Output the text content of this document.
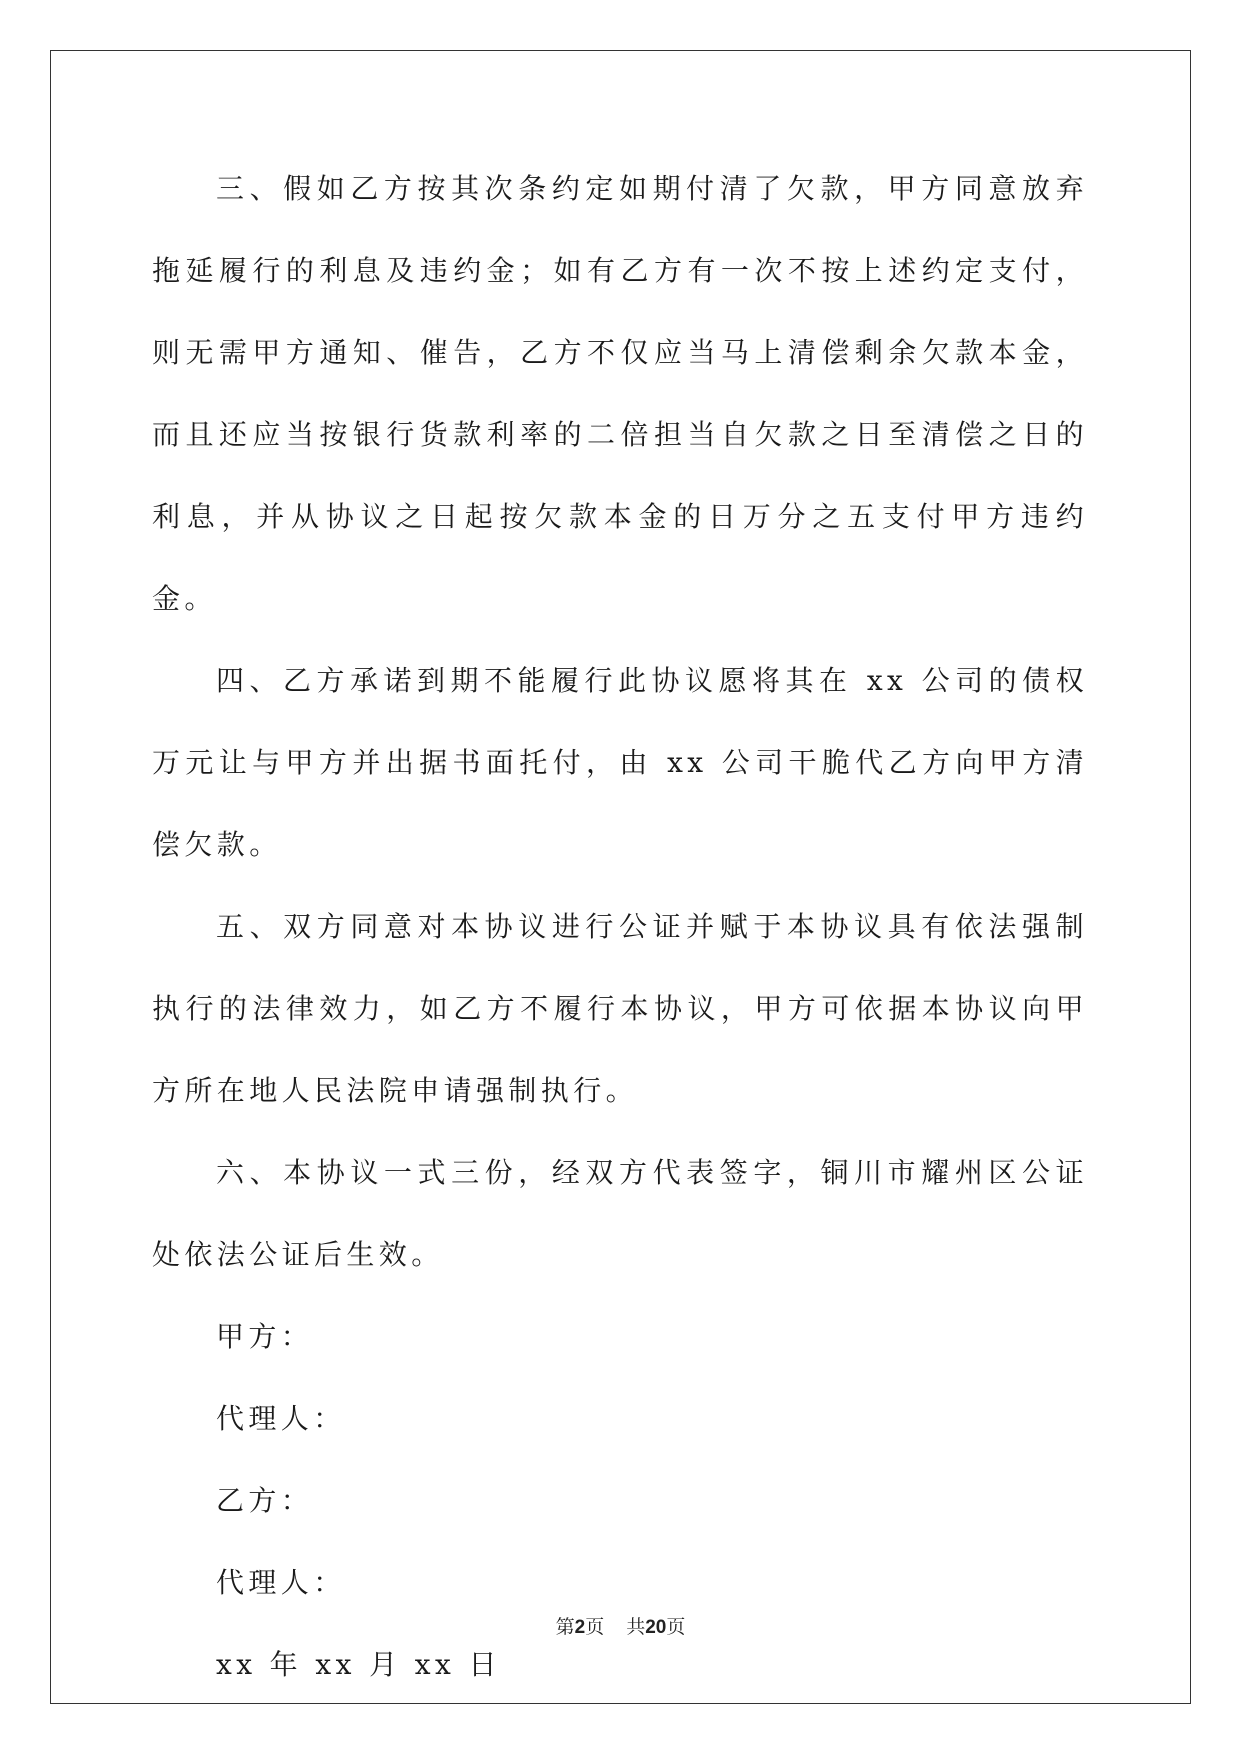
三、假如乙方按其次条约定如期付清了欠款，甲方同意放弃拖延履行的利息及违约金；如有乙方有一次不按上述约定支付，则无需甲方通知、催告，乙方不仅应当马上清偿剩余欠款本金，而且还应当按银行货款利率的二倍担当自欠款之日至清偿之日的利息，并从协议之日起按欠款本金的日万分之五支付甲方违约金。

四、乙方承诺到期不能履行此协议愿将其在 xx 公司的债权万元让与甲方并出据书面托付，由 xx 公司干脆代乙方向甲方清偿欠款。

五、双方同意对本协议进行公证并赋于本协议具有依法强制执行的法律效力，如乙方不履行本协议，甲方可依据本协议向甲方所在地人民法院申请强制执行。

六、本协议一式三份，经双方代表签字，铜川市耀州区公证处依法公证后生效。

甲方：

代理人：

乙方：

代理人：

xx 年 xx 月 xx 日

第2页 共20页
